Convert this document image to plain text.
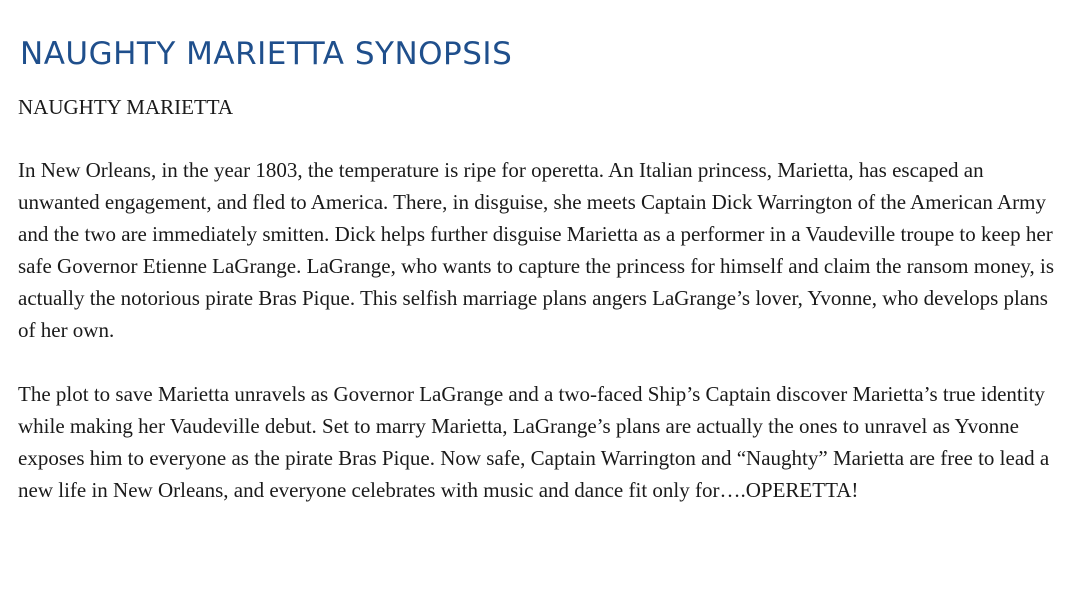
NAUGHTY MARIETTA SYNOPSIS
NAUGHTY MARIETTA

In New Orleans, in the year 1803, the temperature is ripe for operetta. An Italian princess, Marietta, has escaped an unwanted engagement, and fled to America. There, in disguise, she meets Captain Dick Warrington of the American Army and the two are immediately smitten. Dick helps further disguise Marietta as a performer in a Vaudeville troupe to keep her safe Governor Etienne LaGrange. LaGrange, who wants to capture the princess for himself and claim the ransom money, is actually the notorious pirate Bras Pique. This selfish marriage plans angers LaGrange’s lover, Yvonne, who develops plans of her own.

The plot to save Marietta unravels as Governor LaGrange and a two-faced Ship’s Captain discover Marietta’s true identity while making her Vaudeville debut. Set to marry Marietta, LaGrange’s plans are actually the ones to unravel as Yvonne exposes him to everyone as the pirate Bras Pique. Now safe, Captain Warrington and “Naughty” Marietta are free to lead a new life in New Orleans, and everyone celebrates with music and dance fit only for….OPERETTA!
